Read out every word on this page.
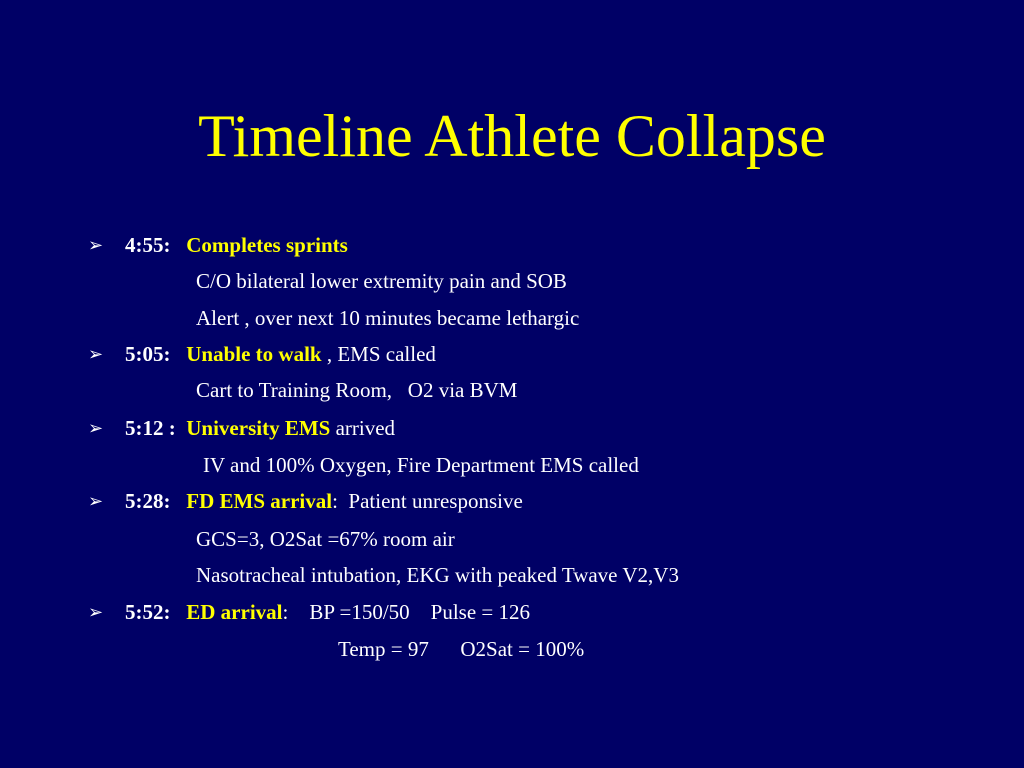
Timeline Athlete Collapse
➢ 4:55: Completes sprints
C/O bilateral lower extremity pain and SOB
Alert , over next 10 minutes became lethargic
➢ 5:05: Unable to walk , EMS called
Cart to Training Room,   O2 via BVM
➢ 5:12 : University EMS arrived
IV and 100% Oxygen, Fire Department EMS called
➢ 5:28: FD EMS arrival:  Patient unresponsive
GCS=3, O2Sat =67% room air
Nasotracheal intubation, EKG with peaked Twave V2,V3
➢ 5:52: ED arrival:    BP =150/50    Pulse = 126
Temp = 97      O2Sat = 100%
